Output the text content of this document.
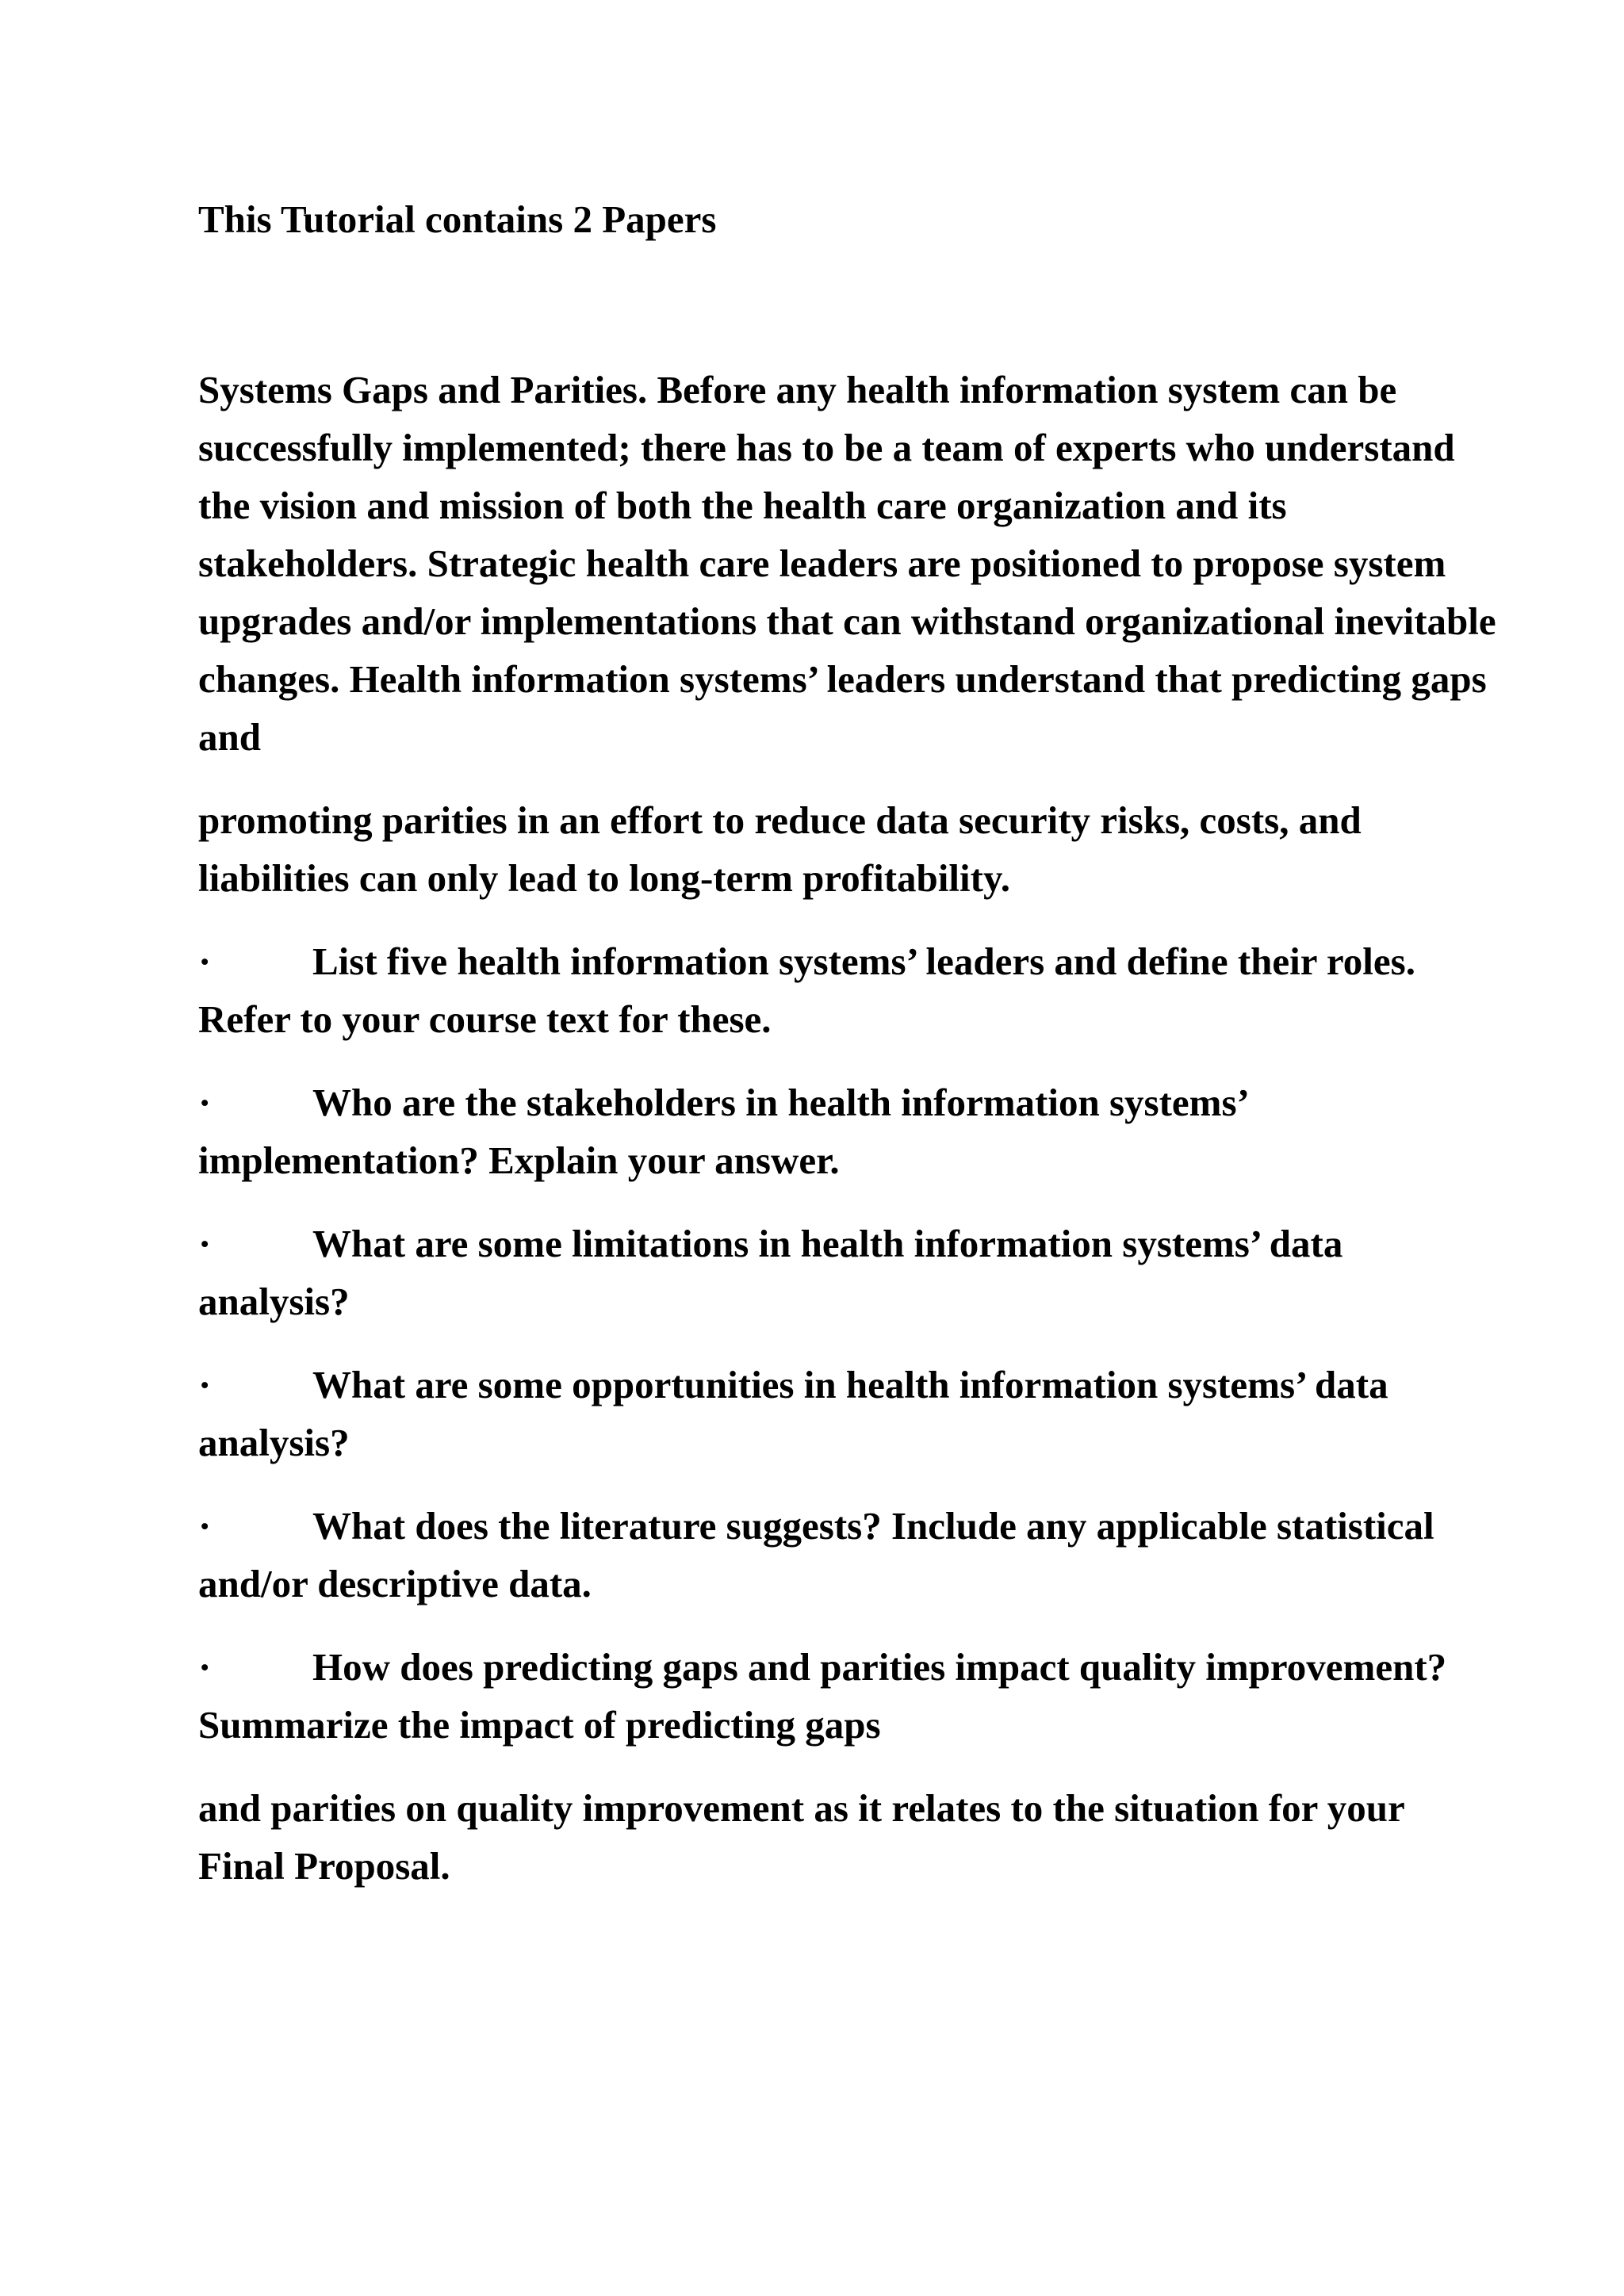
This Tutorial contains 2 Papers
Systems Gaps and Parities. Before any health information system can be successfully implemented; there has to be a team of experts who understand the vision and mission of both the health care organization and its stakeholders. Strategic health care leaders are positioned to propose system upgrades and/or implementations that can withstand organizational inevitable changes. Health information systems’ leaders understand that predicting gaps and
promoting parities in an effort to reduce data security risks, costs, and liabilities can only lead to long-term profitability.
·	List five health information systems’ leaders and define their roles. Refer to your course text for these.
·	Who are the stakeholders in health information systems’ implementation? Explain your answer.
·	What are some limitations in health information systems’ data analysis?
·	What are some opportunities in health information systems’ data analysis?
·	What does the literature suggests? Include any applicable statistical and/or descriptive data.
·	How does predicting gaps and parities impact quality improvement? Summarize the impact of predicting gaps
and parities on quality improvement as it relates to the situation for your Final Proposal.
